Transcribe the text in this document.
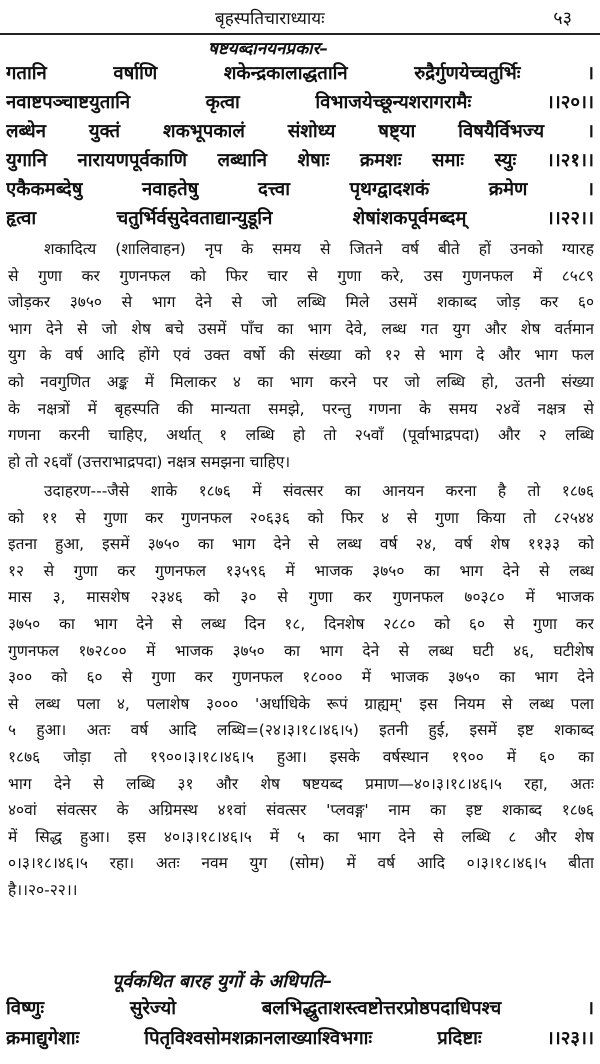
बृहस्पतिचाराध्यायः	५३
षष्टयब्दानयनप्रकार–
गतानि वर्षाणि शकेन्द्रकालाद्धतानि रुद्रैर्गुणयेच्चतुर्भिः ।
नवाष्टपञ्चाष्टयुतानि कृत्वा विभाजयेच्छून्यशरागरामैः ।।२०।।
लब्धेन युक्तं शकभूपकालं संशोध्य षष्ट्या विषयैर्विभज्य ।
युगानि नारायणपूर्वकाणि लब्धानि शेषाः क्रमशः समाः स्युः ।।२१।।
एकैकमब्देषु नवाहतेषु दत्त्वा पृथग्द्वादशकं क्रमेण ।
हृत्वा चतुर्भिर्वसुदेवताद्यान्युडूनि शेषांशकपूर्वमब्दम् ।।२२।।
शकादित्य (शालिवाहन) नृप के समय से जितने वर्ष बीते हों उनको ग्यारह
से गुणा कर गुणनफल को फिर चार से गुणा करे, उस गुणनफल में ८५८९
जोड़कर ३७५० से भाग देने से जो लब्धि मिले उसमें शकाब्द जोड़ कर ६०
भाग देने से जो शेष बचे उसमें पाँच का भाग देवे, लब्ध गत युग और शेष वर्तमान
युग के वर्ष आदि होंगे एवं उक्त वर्षो की संख्या को १२ से भाग दे और भाग फल
को नवगुणित अङ्क में मिलाकर ४ का भाग करने पर जो लब्धि हो, उतनी संख्या
के नक्षत्रों में बृहस्पति की मान्यता समझे, परन्तु गणना के समय २४वें नक्षत्र से
गणना करनी चाहिए, अर्थात् १ लब्धि हो तो २५वाँ (पूर्वाभाद्रपदा) और २ लब्धि
हो तो २६वाँ (उत्तराभाद्रपदा) नक्षत्र समझना चाहिए।
उदाहरण---जैसे शाके १८७६ में संवत्सर का आनयन करना है तो १८७६
को ११ से गुणा कर गुणनफल २०६३६ को फिर ४ से गुणा किया तो ८२५४४
इतना हुआ, इसमें ३७५० का भाग देने से लब्ध वर्ष २४, वर्ष शेष ११३३ को
१२ से गुणा कर गुणनफल १३५९६ में भाजक ३७५० का भाग देने से लब्ध
मास ३, मासशेष २३४६ को ३० से गुणा कर गुणनफल ७०३८० में भाजक
३७५० का भाग देने से लब्ध दिन १८, दिनशेष २८८० को ६० से गुणा कर
गुणनफल १७२८०० में भाजक ३७५० का भाग देने से लब्ध घटी ४६, घटीशेष
३०० को ६० से गुणा कर गुणनफल १८००० में भाजक ३७५० का भाग देने
से लब्ध पला ४, पलाशेष ३००० 'अर्धाधिके रूपं ग्राह्यम्' इस नियम से लब्ध पला
५ हुआ। अतः वर्ष आदि लब्धि=(२४।३।१८।४६।५) इतनी हुई, इसमें इष्ट शकाब्द
१८७६ जोड़ा तो १९००।३।१८।४६।५ हुआ। इसके वर्षस्थान १९०० में ६० का
भाग देने से लब्धि ३१ और शेष षष्टयब्द प्रमाण—४०।३।१८।४६।५ रहा, अतः
४०वां संवत्सर के अग्रिमस्थ ४१वां संवत्सर 'प्लवङ्ग' नाम का इष्ट शकाब्द १८७६
में सिद्ध हुआ। इस ४०।३।१८।४६।५ में ५ का भाग देने से लब्धि ८ और शेष
०।३।१८।४६।५ रहा। अतः नवम युग (सोम) में वर्ष आदि ०।३।१८।४६।५ बीता
है।।२०-२२।।
पूर्वकथित बारह युगों के अधिपति–
विष्णुः सुरेज्यो बलभिद्धुताशस्त्वष्टोत्तरप्रोष्ठपदाधिपश्च ।
क्रमाद्युगेशाः पितृविश्वसोमशक्रानलाख्याश्विभगाः प्रदिष्टाः ।।२३।।
